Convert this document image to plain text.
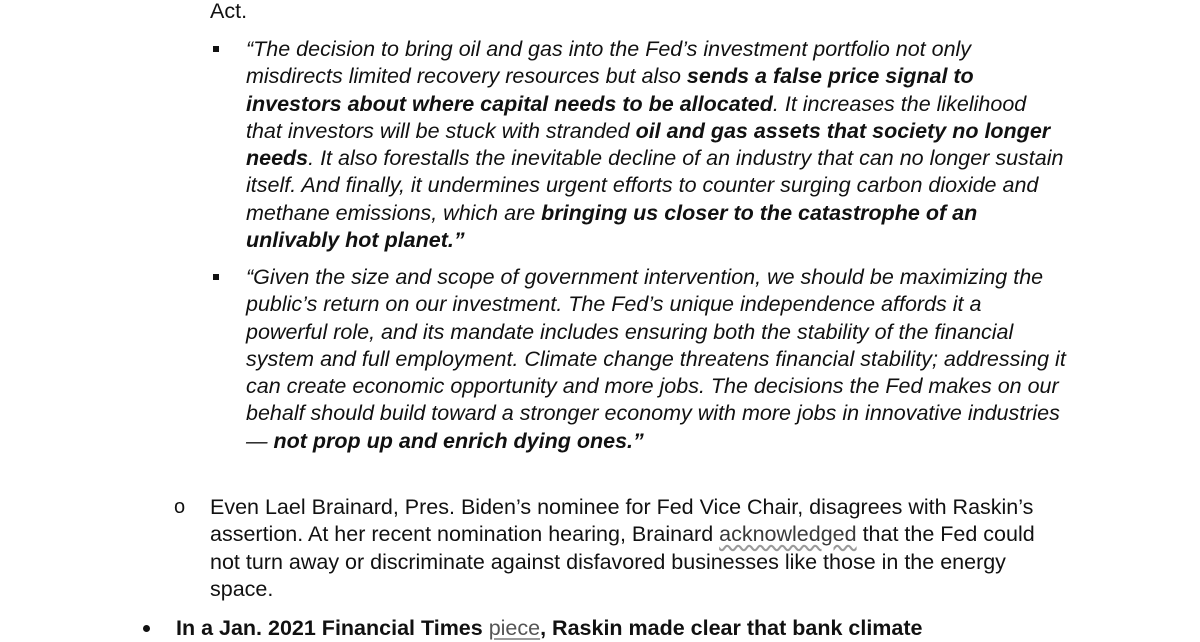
Act.
“The decision to bring oil and gas into the Fed’s investment portfolio not only misdirects limited recovery resources but also sends a false price signal to investors about where capital needs to be allocated. It increases the likelihood that investors will be stuck with stranded oil and gas assets that society no longer needs. It also forestalls the inevitable decline of an industry that can no longer sustain itself. And finally, it undermines urgent efforts to counter surging carbon dioxide and methane emissions, which are bringing us closer to the catastrophe of an unlivably hot planet.”
“Given the size and scope of government intervention, we should be maximizing the public’s return on our investment. The Fed’s unique independence affords it a powerful role, and its mandate includes ensuring both the stability of the financial system and full employment. Climate change threatens financial stability; addressing it can create economic opportunity and more jobs. The decisions the Fed makes on our behalf should build toward a stronger economy with more jobs in innovative industries — not prop up and enrich dying ones.”
o Even Lael Brainard, Pres. Biden’s nominee for Fed Vice Chair, disagrees with Raskin’s assertion. At her recent nomination hearing, Brainard acknowledged that the Fed could not turn away or discriminate against disfavored businesses like those in the energy space.
In a Jan. 2021 Financial Times piece, Raskin made clear that bank climate
